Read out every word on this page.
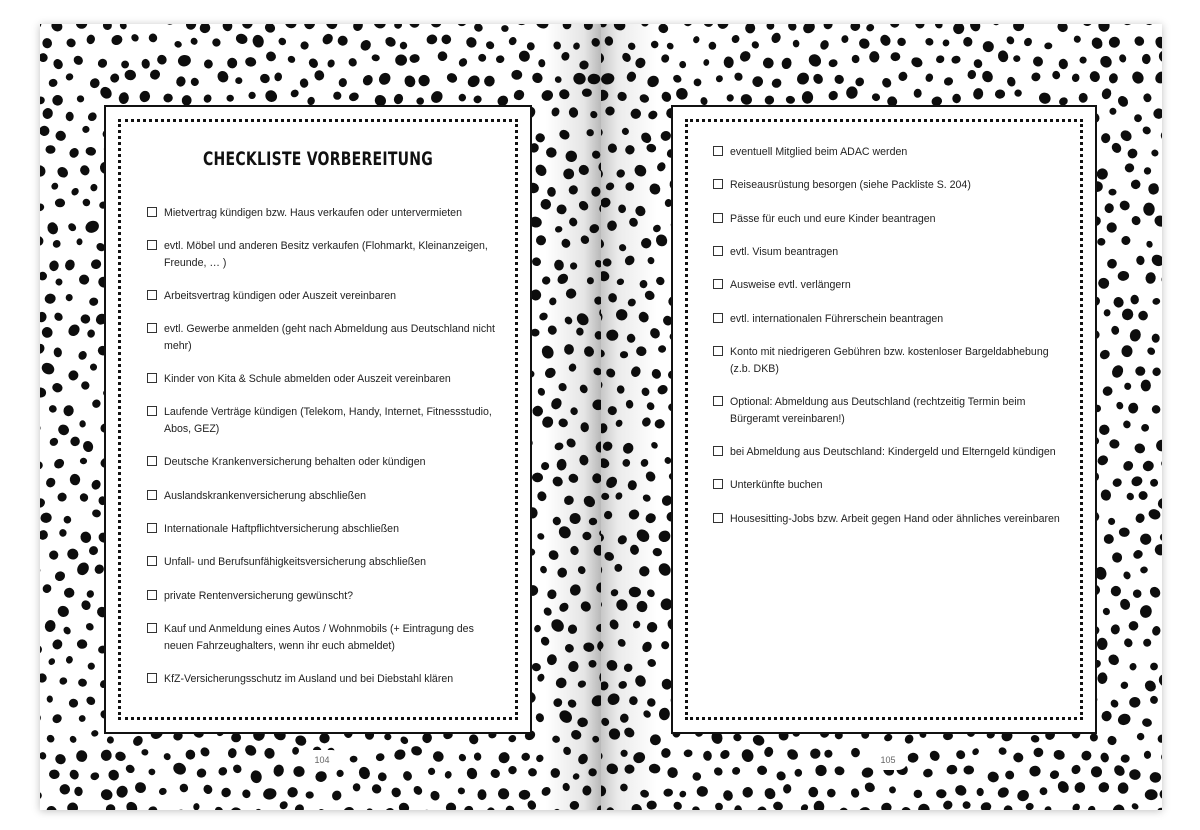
CHECKLISTE VORBEREITUNG
Mietvertrag kündigen bzw. Haus verkaufen oder untervermieten
evtl. Möbel und anderen Besitz verkaufen (Flohmarkt, Kleinanzeigen, Freunde, … )
Arbeitsvertrag kündigen oder Auszeit vereinbaren
evtl. Gewerbe anmelden (geht nach Abmeldung aus Deutschland nicht mehr)
Kinder von Kita & Schule abmelden oder Auszeit vereinbaren
Laufende Verträge kündigen (Telekom, Handy, Internet, Fitnessstudio, Abos, GEZ)
Deutsche Krankenversicherung behalten oder kündigen
Auslandskrankenversicherung abschließen
Internationale Haftpflichtversicherung abschließen
Unfall- und Berufsunfähigkeitsversicherung abschließen
private Rentenversicherung gewünscht?
Kauf und Anmeldung eines Autos / Wohnmobils (+ Eintragung des neuen Fahrzeughalters, wenn ihr euch abmeldet)
KfZ-Versicherungsschutz im Ausland und bei Diebstahl klären
104
eventuell Mitglied beim ADAC werden
Reiseausrüstung besorgen (siehe Packliste S. 204)
Pässe für euch und eure Kinder beantragen
evtl. Visum beantragen
Ausweise evtl. verlängern
evtl. internationalen Führerschein beantragen
Konto mit niedrigeren Gebühren bzw. kostenloser Bargeldabhebung (z.b. DKB)
Optional: Abmeldung aus Deutschland (rechtzeitig Termin beim Bürgeramt vereinbaren!)
bei Abmeldung aus Deutschland: Kindergeld und Elterngeld kündigen
Unterkünfte buchen
Housesitting-Jobs bzw. Arbeit gegen Hand oder ähnliches vereinbaren
105
